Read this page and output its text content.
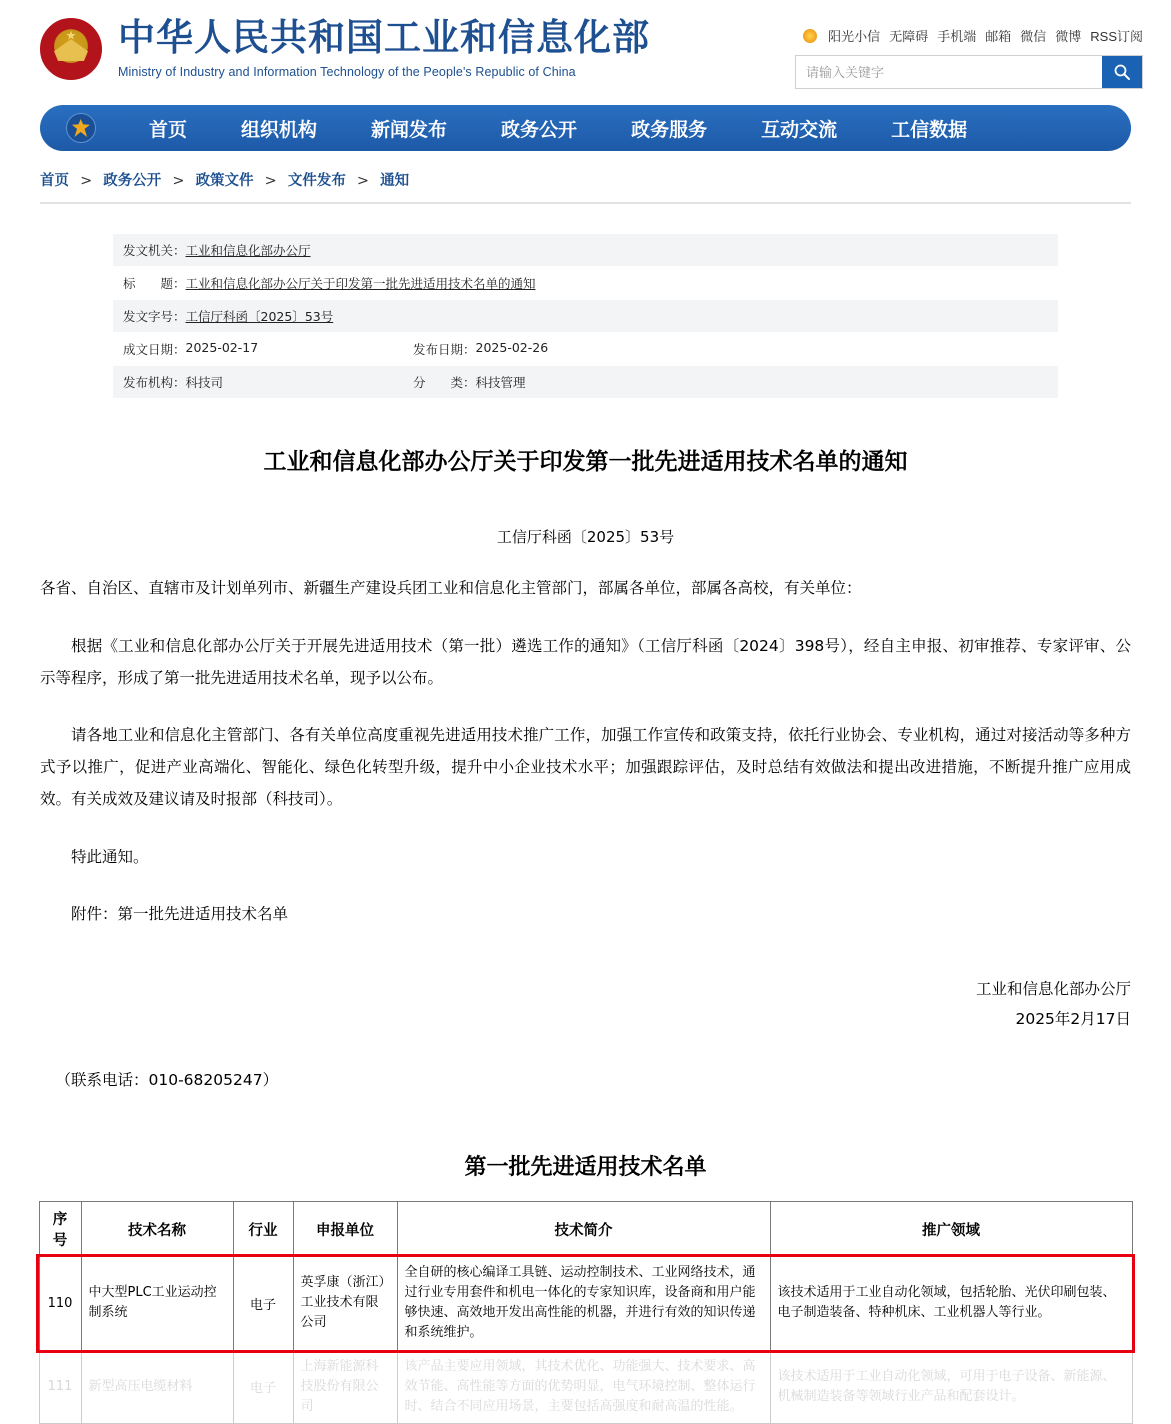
中华人民共和国工业和信息化部
Ministry of Industry and Information Technology of the People's Republic of China
阳光小信 无障碍 手机端 邮箱 微信 微博 RSS订阅
请输入关键字
首页	组织机构	新闻发布	政务公开	政务服务	互动交流	工信数据
首页 > 政务公开 > 政策文件 > 文件发布 > 通知
发文机关： 工业和信息化部办公厅
标　　题： 工业和信息化部办公厅关于印发第一批先进适用技术名单的通知
发文字号： 工信厅科函〔2025〕53号
成文日期： 2025-02-17	发布日期： 2025-02-26
发布机构： 科技司	分　　类： 科技管理
工业和信息化部办公厅关于印发第一批先进适用技术名单的通知
工信厅科函〔2025〕53号

各省、自治区、直辖市及计划单列市、新疆生产建设兵团工业和信息化主管部门，部属各单位，部属各高校，有关单位：

根据《工业和信息化部办公厅关于开展先进适用技术（第一批）遴选工作的通知》（工信厅科函〔2024〕398号），经自主申报、初审推荐、专家评审、公示等程序，形成了第一批先进适用技术名单，现予以公布。

请各地工业和信息化主管部门、各有关单位高度重视先进适用技术推广工作，加强工作宣传和政策支持，依托行业协会、专业机构，通过对接活动等多种方式予以推广，促进产业高端化、智能化、绿色化转型升级，提升中小企业技术水平；加强跟踪评估，及时总结有效做法和提出改进措施，不断提升推广应用成效。有关成效及建议请及时报部（科技司）。

特此通知。

附件：第一批先进适用技术名单

工业和信息化部办公厅
2025年2月17日
（联系电话：010-68205247）
第一批先进适用技术名单
序号	技术名称	行业	申报单位	技术简介	推广领域
110	中大型PLC工业运动控制系统	电子	英孚康（浙江）工业技术有限公司	全自研的核心编译工具链、运动控制技术、工业网络技术，通过行业专用套件和机电一体化的专家知识库，设备商和用户能够快速、高效地开发出高性能的机器，并进行有效的知识传递和系统维护。	该技术适用于工业自动化领域，包括轮胎、光伏印刷包装、电子制造装备、特种机床、工业机器人等行业。
111	新型高压电缆材料	电子	上海新能源科技股份有限公司	该产品主要应用领域，其技术优化、功能强大、技术要求、高效节能、高性能等方面的优势明显，电气环境控制、整体运行时、结合不同应用场景，主要包括高强度和耐高温的性能。	该技术适用于工业自动化领域，可用于电子设备、新能源、机械制造装备等领域行业产品和配套设计。
